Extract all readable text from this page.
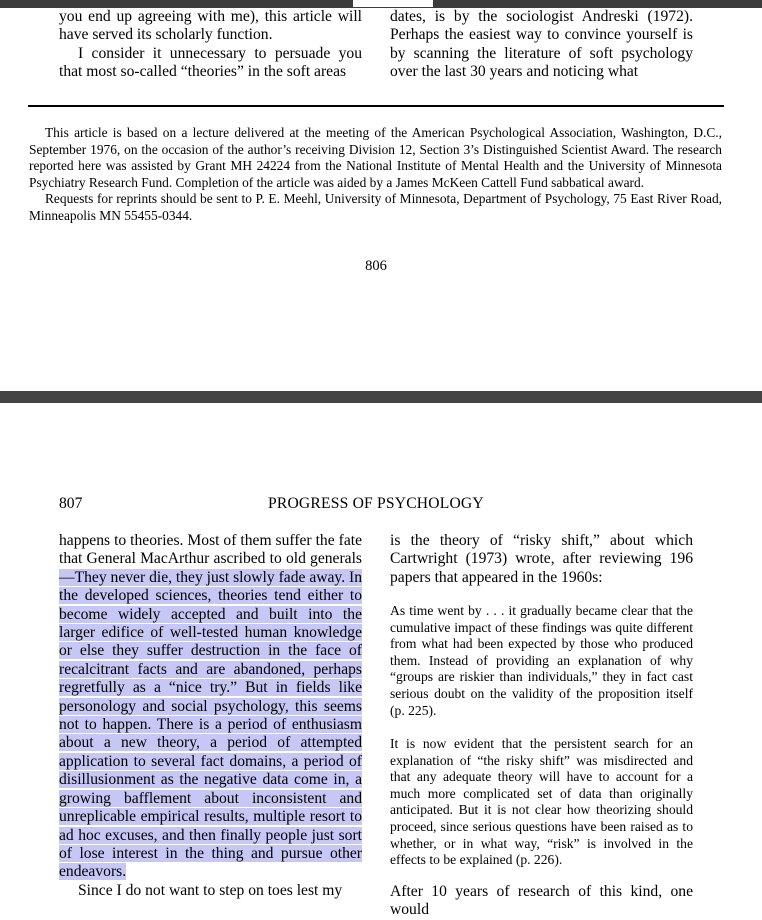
you end up agreeing with me), this article will have served its scholarly function.

I consider it unnecessary to persuade you that most so-called “theories” in the soft areas

dates, is by the sociologist Andreski (1972). Perhaps the easiest way to convince yourself is by scanning the literature of soft psychology over the last 30 years and noticing what

This article is based on a lecture delivered at the meeting of the American Psychological Association, Washington, D.C., September 1976, on the occasion of the author’s receiving Division 12, Section 3’s Distinguished Scientist Award. The research reported here was assisted by Grant MH 24224 from the National Institute of Mental Health and the University of Minnesota Psychiatry Research Fund. Completion of the article was aided by a James McKeen Cattell Fund sabbatical award.

Requests for reprints should be sent to P. E. Meehl, University of Minnesota, Department of Psychology, 75 East River Road, Minneapolis MN 55455-0344.

806
807	PROGRESS OF PSYCHOLOGY

happens to theories. Most of them suffer the fate that General MacArthur ascribed to old generals—They never die, they just slowly fade away. In the developed sciences, theories tend either to become widely accepted and built into the larger edifice of well-tested human knowledge or else they suffer destruction in the face of recalcitrant facts and are abandoned, perhaps regretfully as a “nice try.” But in fields like personology and social psychology, this seems not to happen. There is a period of enthusiasm about a new theory, a period of attempted application to several fact domains, a period of disillusionment as the negative data come in, a growing bafflement about inconsistent and unreplicable empirical results, multiple resort to ad hoc excuses, and then finally people just sort of lose interest in the thing and pursue other endeavors.

Since I do not want to step on toes lest my

is the theory of “risky shift,” about which Cartwright (1973) wrote, after reviewing 196 papers that appeared in the 1960s:

As time went by . . . it gradually became clear that the cumulative impact of these findings was quite different from what had been expected by those who produced them. Instead of providing an explanation of why “groups are riskier than individuals,” they in fact cast serious doubt on the validity of the proposition itself (p. 225).
It is now evident that the persistent search for an explanation of “the risky shift” was misdirected and that any adequate theory will have to account for a much more complicated set of data than originally anticipated. But it is not clear how theorizing should proceed, since serious questions have been raised as to whether, or in what way, “risk” is involved in the effects to be explained (p. 226).
After 10 years of research of this kind, one would
